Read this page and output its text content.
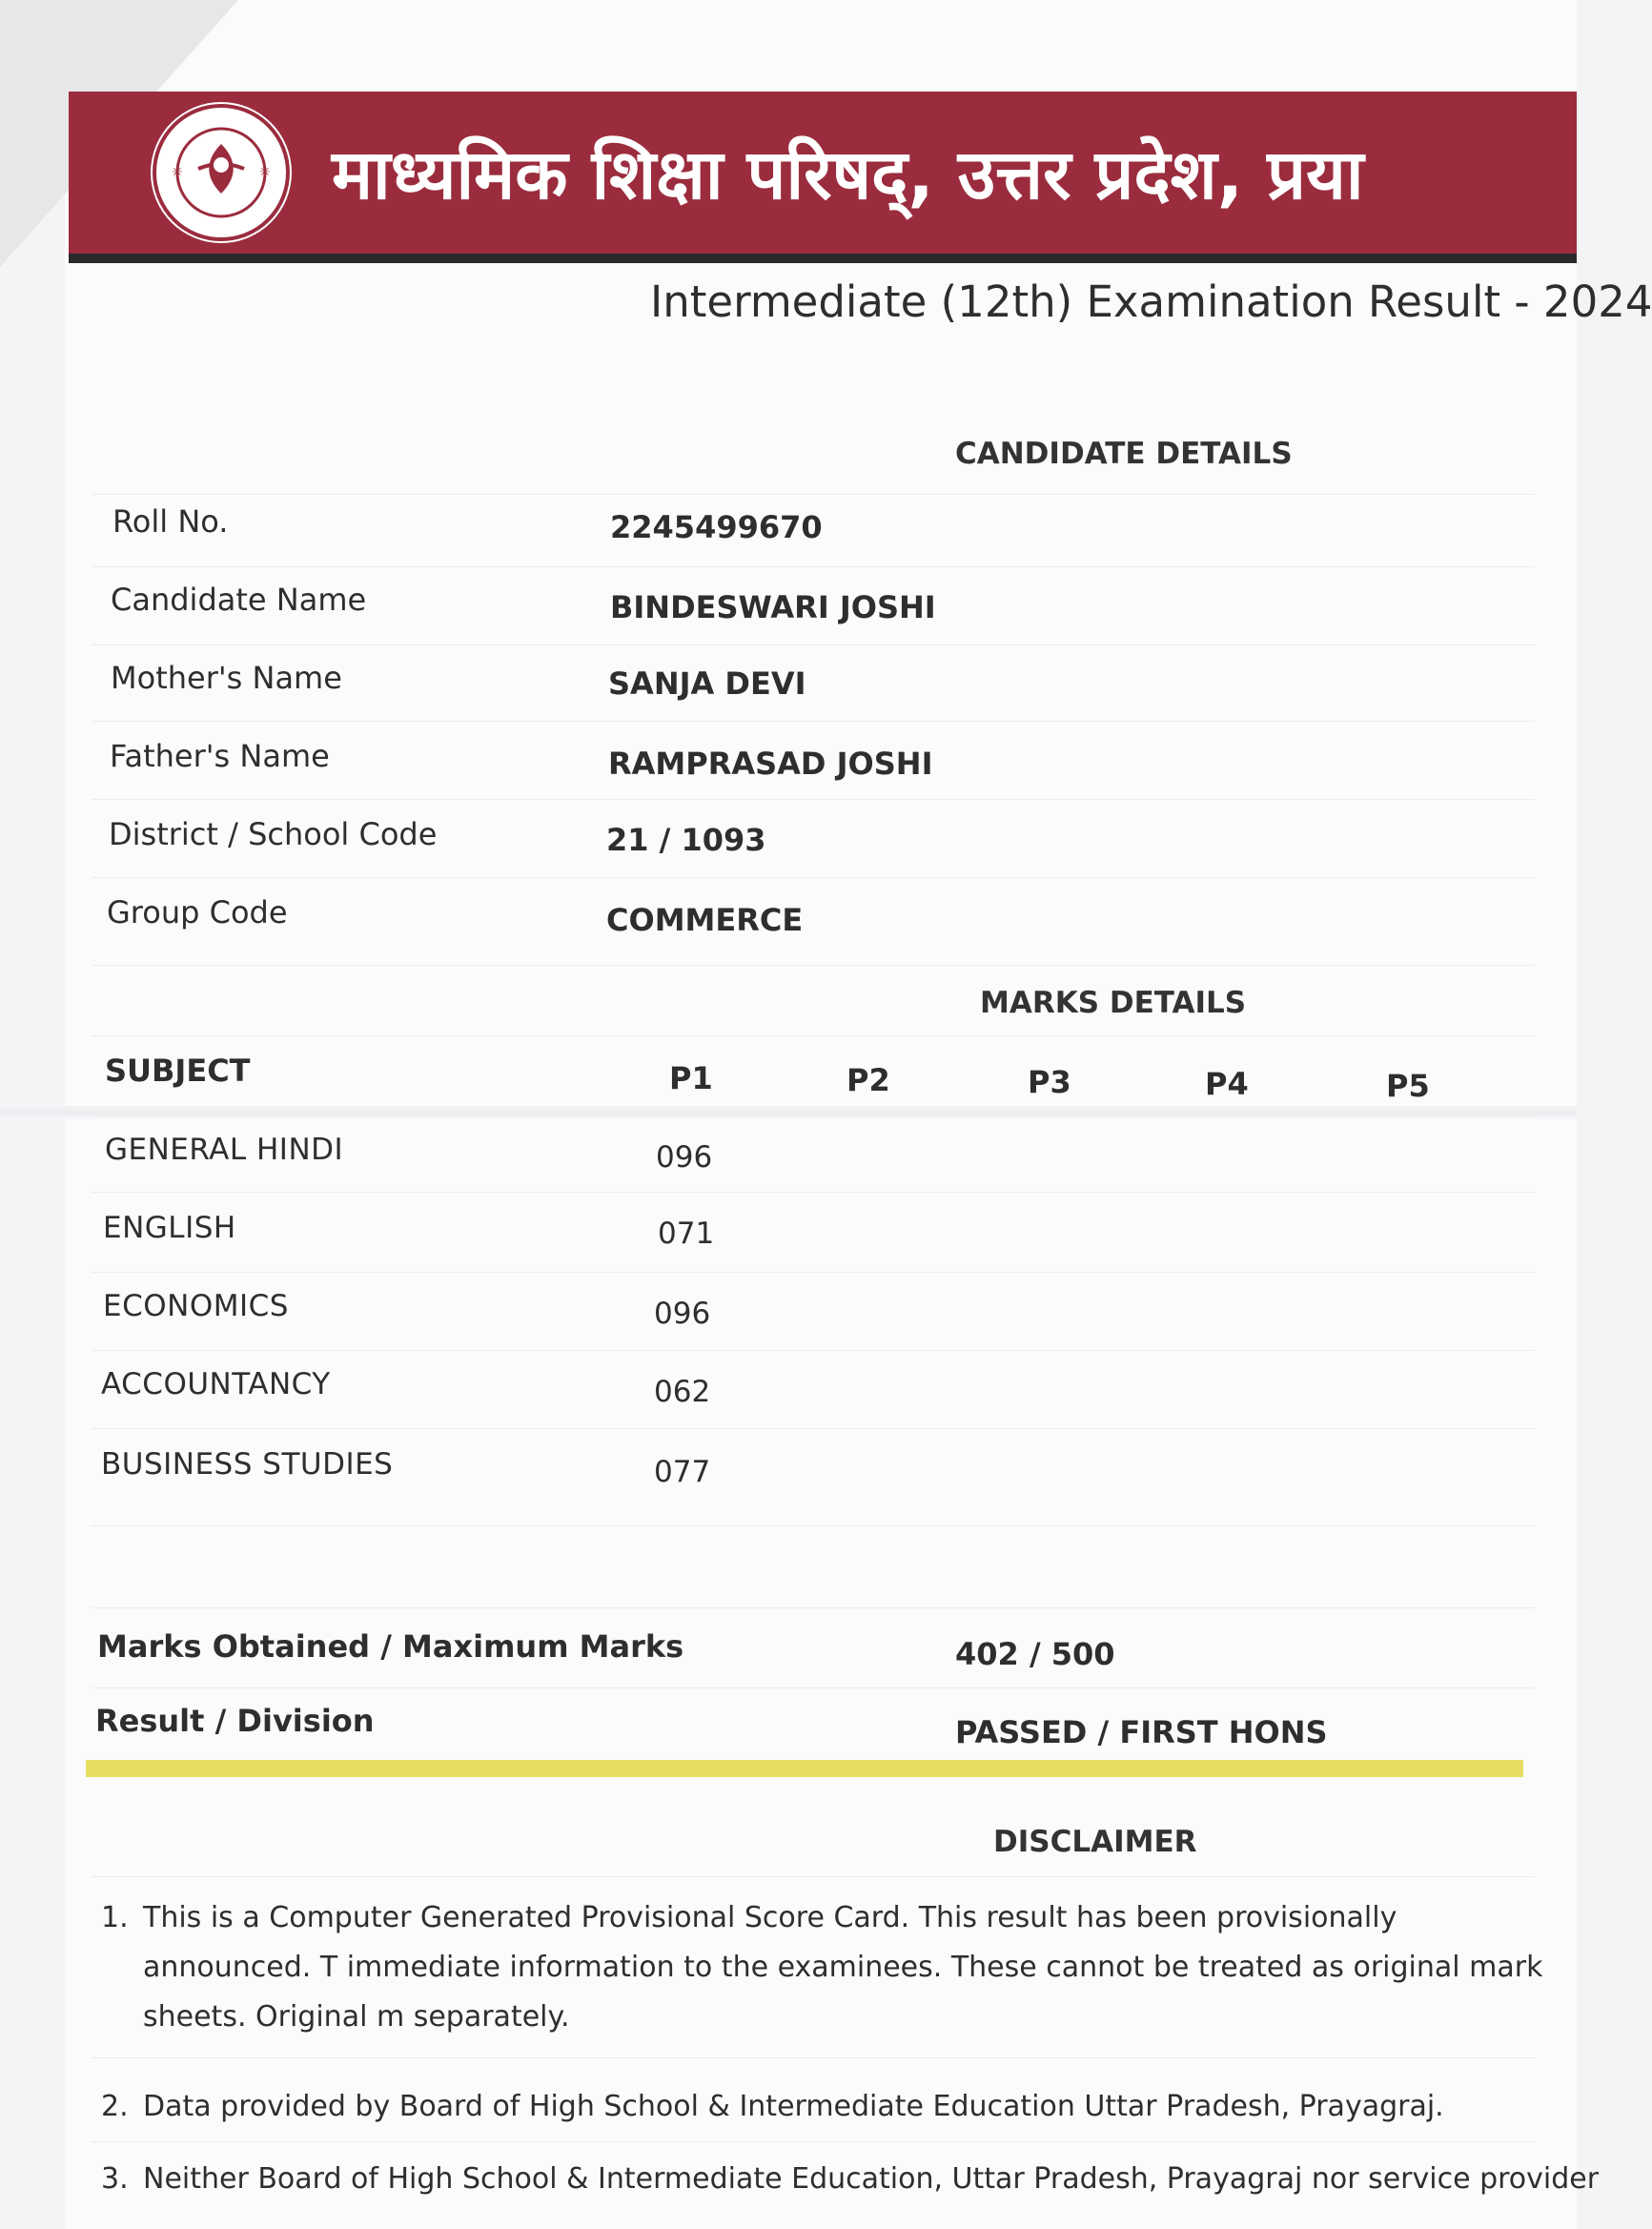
✳	✳ माध्यमिक शिक्षा परिषद्, उत्तर प्रदेश, प्रया
Intermediate (12th) Examination Result - 2024
CANDIDATE DETAILS
Roll No.	2245499670
Candidate Name	BINDESWARI JOSHI
Mother's Name	SANJA DEVI
Father's Name	RAMPRASAD JOSHI
District / School Code	21 / 1093
Group Code	COMMERCE
MARKS DETAILS
SUBJECT	P1	P2	P3	P4	P5
GENERAL HINDI	096
ENGLISH	071
ECONOMICS	096
ACCOUNTANCY	062
BUSINESS STUDIES	077
Marks Obtained / Maximum Marks	402 / 500
Result / Division	PASSED / FIRST HONS
DISCLAIMER
1. This is a Computer Generated Provisional Score Card. This result has been provisionally announced. T immediate information to the examinees. These cannot be treated as original mark sheets. Original m separately.
2. Data provided by Board of High School & Intermediate Education Uttar Pradesh, Prayagraj.
3. Neither Board of High School & Intermediate Education, Uttar Pradesh, Prayagraj nor service provider
